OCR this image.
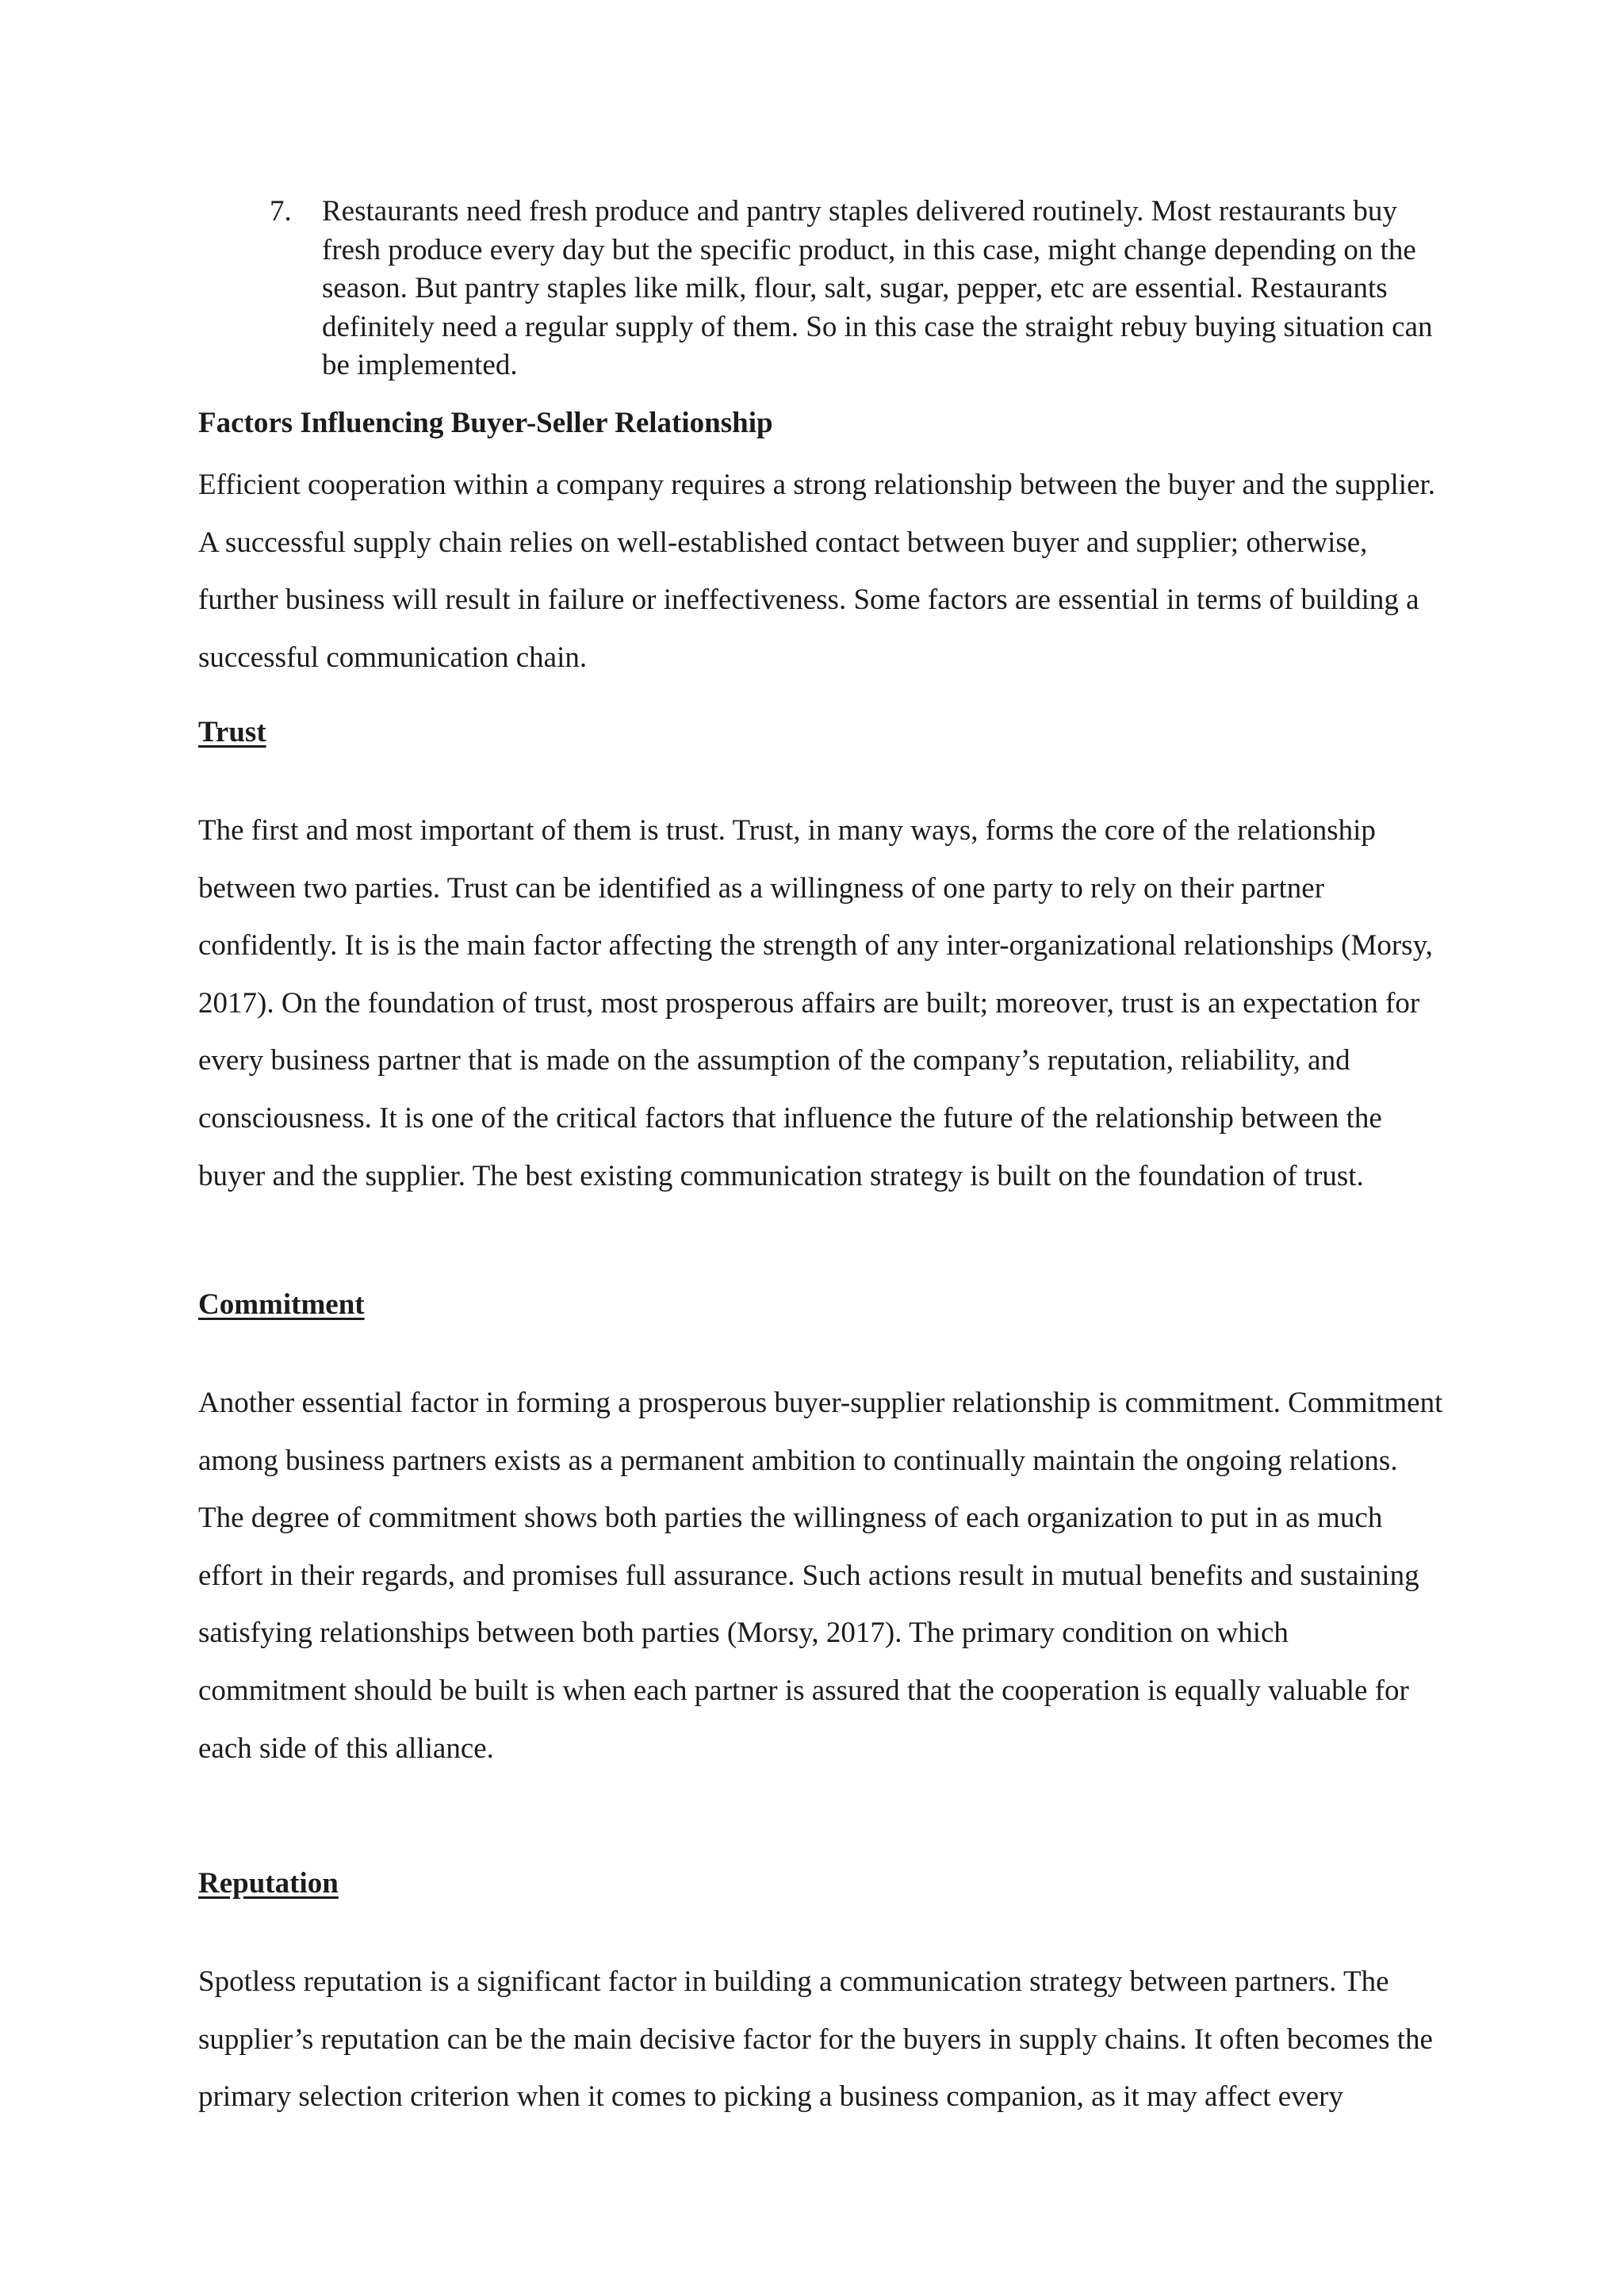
7. Restaurants need fresh produce and pantry staples delivered routinely. Most restaurants buy fresh produce every day but the specific product, in this case, might change depending on the season. But pantry staples like milk, flour, salt, sugar, pepper, etc are essential. Restaurants definitely need a regular supply of them. So in this case the straight rebuy buying situation can be implemented.
Factors Influencing Buyer-Seller Relationship

Efficient cooperation within a company requires a strong relationship between the buyer and the supplier. A successful supply chain relies on well-established contact between buyer and supplier; otherwise, further business will result in failure or ineffectiveness. Some factors are essential in terms of building a successful communication chain.

Trust

The first and most important of them is trust. Trust, in many ways, forms the core of the relationship between two parties. Trust can be identified as a willingness of one party to rely on their partner confidently. It is is the main factor affecting the strength of any inter-organizational relationships (Morsy, 2017). On the foundation of trust, most prosperous affairs are built; moreover, trust is an expectation for every business partner that is made on the assumption of the company’s reputation, reliability, and consciousness. It is one of the critical factors that influence the future of the relationship between the buyer and the supplier. The best existing communication strategy is built on the foundation of trust.

Commitment

Another essential factor in forming a prosperous buyer-supplier relationship is commitment. Commitment among business partners exists as a permanent ambition to continually maintain the ongoing relations. The degree of commitment shows both parties the willingness of each organization to put in as much effort in their regards, and promises full assurance. Such actions result in mutual benefits and sustaining satisfying relationships between both parties (Morsy, 2017). The primary condition on which commitment should be built is when each partner is assured that the cooperation is equally valuable for each side of this alliance.

Reputation

Spotless reputation is a significant factor in building a communication strategy between partners. The supplier’s reputation can be the main decisive factor for the buyers in supply chains. It often becomes the primary selection criterion when it comes to picking a business companion, as it may affect every
